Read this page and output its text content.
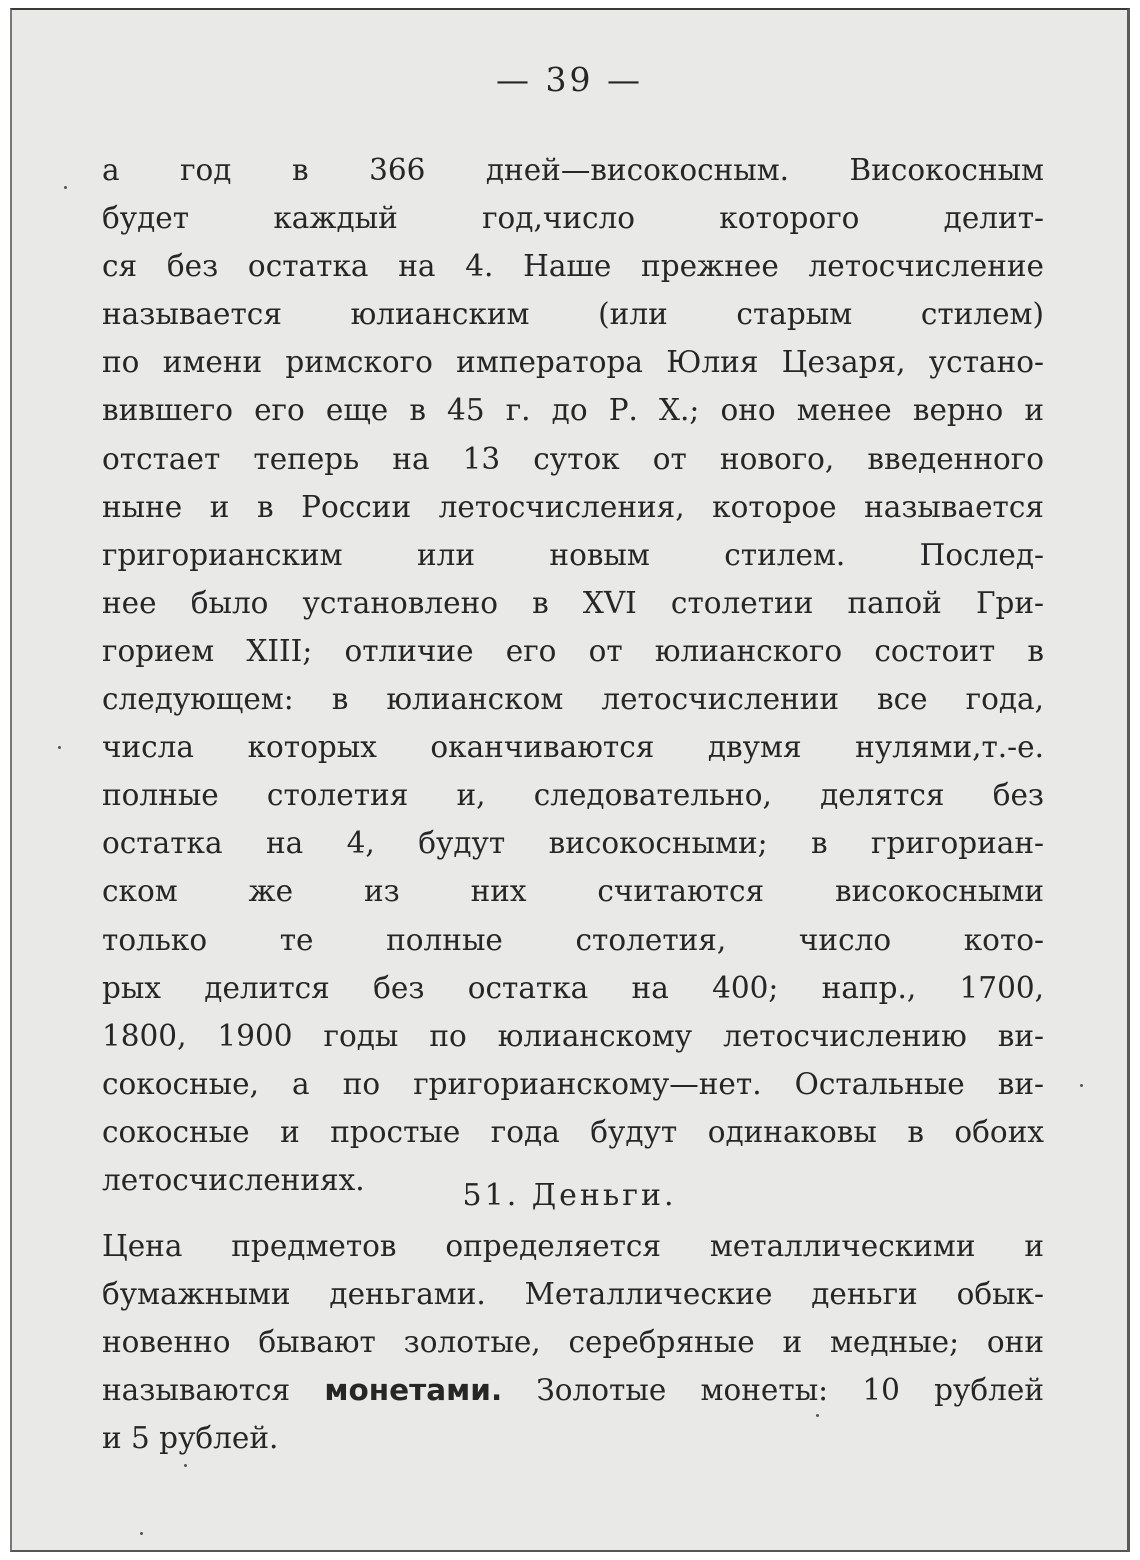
— 39 —
а год в 366 дней—високосным. Високосным
будет каждый год,число которого делит-
ся без остатка на 4. Наше прежнее летосчисление
называется юлианским (или старым стилем)
по имени римского императора Юлия Цезаря, устано-
вившего его еще в 45 г. до Р. Х.; оно менее верно и
отстает теперь на 13 суток от нового, введенного
ныне и в России летосчисления, которое называется
григорианским или новым стилем. Послед-
нее было установлено в XVI столетии папой Гри-
горием XIII; отличие его от юлианского состоит в
следующем: в юлианском летосчислении все года,
числа которых оканчиваются двумя нулями,т.-е.
полные столетия и, следовательно, делятся без
остатка на 4, будут високосными; в григориан-
ском же из них считаются високосными
только те полные столетия, число кото-
рых делится без остатка на 400; напр., 1700,
1800, 1900 годы по юлианскому летосчислению ви-
сокосные, а по григорианскому—нет. Остальные ви-
сокосные и простые года будут одинаковы в обоих
летосчислениях.	51. Деньги.
Цена предметов определяется металлическими и
бумажными деньгами. Металлические деньги обык-
новенно бывают золотые, серебряные и медные; они
называются монетами. Золотые монеты: 10 рублей
и 5 рублей.
